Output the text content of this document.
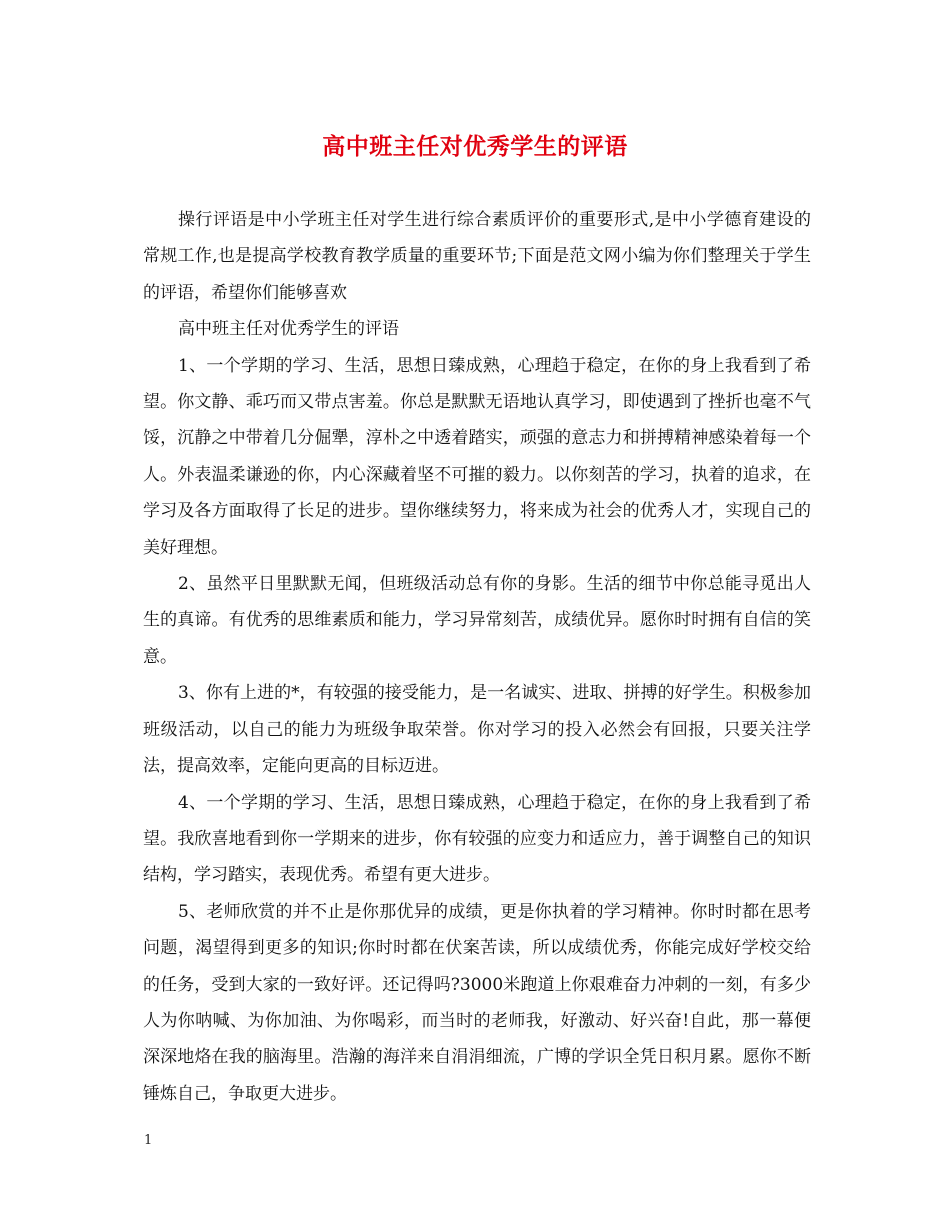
高中班主任对优秀学生的评语

操行评语是中小学班主任对学生进行综合素质评价的重要形式,是中小学德育建设的常规工作,也是提高学校教育教学质量的重要环节;下面是范文网小编为你们整理关于学生的评语，希望你们能够喜欢

高中班主任对优秀学生的评语

1、一个学期的学习、生活，思想日臻成熟，心理趋于稳定，在你的身上我看到了希望。你文静、乖巧而又带点害羞。你总是默默无语地认真学习，即使遇到了挫折也毫不气馁，沉静之中带着几分倔犟，淳朴之中透着踏实，顽强的意志力和拼搏精神感染着每一个人。外表温柔谦逊的你，内心深藏着坚不可摧的毅力。以你刻苦的学习，执着的追求，在学习及各方面取得了长足的进步。望你继续努力，将来成为社会的优秀人才，实现自己的美好理想。

2、虽然平日里默默无闻，但班级活动总有你的身影。生活的细节中你总能寻觅出人生的真谛。有优秀的思维素质和能力，学习异常刻苦，成绩优异。愿你时时拥有自信的笑意。

3、你有上进的*，有较强的接受能力，是一名诚实、进取、拼搏的好学生。积极参加班级活动，以自己的能力为班级争取荣誉。你对学习的投入必然会有回报，只要关注学法，提高效率，定能向更高的目标迈进。

4、一个学期的学习、生活，思想日臻成熟，心理趋于稳定，在你的身上我看到了希望。我欣喜地看到你一学期来的进步，你有较强的应变力和适应力，善于调整自己的知识结构，学习踏实，表现优秀。希望有更大进步。

5、老师欣赏的并不止是你那优异的成绩，更是你执着的学习精神。你时时都在思考问题，渴望得到更多的知识;你时时都在伏案苦读，所以成绩优秀，你能完成好学校交给的任务，受到大家的一致好评。还记得吗?3000米跑道上你艰难奋力冲刺的一刻，有多少人为你呐喊、为你加油、为你喝彩，而当时的老师我，好激动、好兴奋!自此，那一幕便深深地烙在我的脑海里。浩瀚的海洋来自涓涓细流，广博的学识全凭日积月累。愿你不断锤炼自己，争取更大进步。

1
